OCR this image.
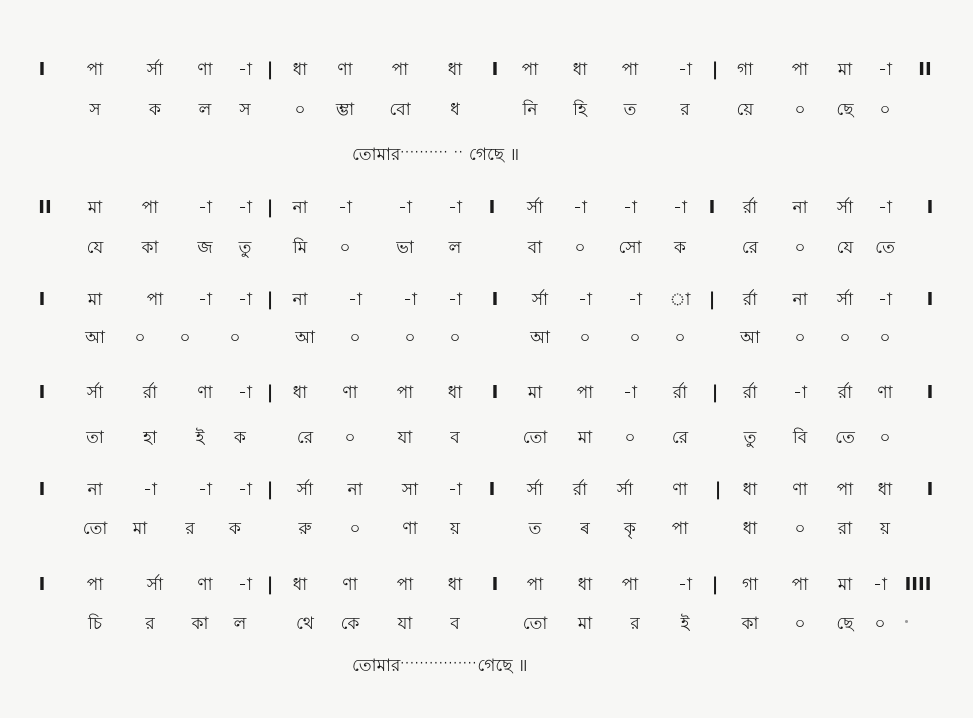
I পা	র্সা ণা -া | ধা ণা পা ধা I পা ধা পা -া | গা পা মা -া II
স	ক ল স	০ ম্ভা বো ধ	নি হি ত	র	য়ে ০ ছে ০
তোমার·········· ·· গেছে ॥
II মা পা -া -া | না -া	-া -া I র্সা -া -া -া I র্রা না র্সা -া I
যে কা জ তু মি ০	ভা ল	বা ০ সো ক	রে ০ যে তে
I মা	পা -া -া | না -া -া -া I র্সা -া -া া | র্রা না র্সা -া I
আ ০ ০ ০	আ ০	০ ০	আ ০ ০ ০	আ ০ ০ ০
I র্সা র্রা ণা -া | ধা ণা পা ধা I মা পা -া র্রা | র্রা -া র্রা ণা I
তা হা ই ক	রে ০ যা ব	তো মা ০ রে	তু বি তে ০
I না -া -া -া | র্সা না সা -া I র্সা র্রা র্সা ণা | ধা ণা পা ধা I
তো মা র ক	রু ০ ণা য়	ত ৰ কৃ পা	ধা ০ রা য়
I পা	র্সা ণা -া | ধা ণা পা ধা I পা ধা পা -া | গা পা মা -া IIII
চি	র কা ল	থে কে যা ব	তো মা র ই	কা ০ ছে ০
তোমার················গেছে ॥
